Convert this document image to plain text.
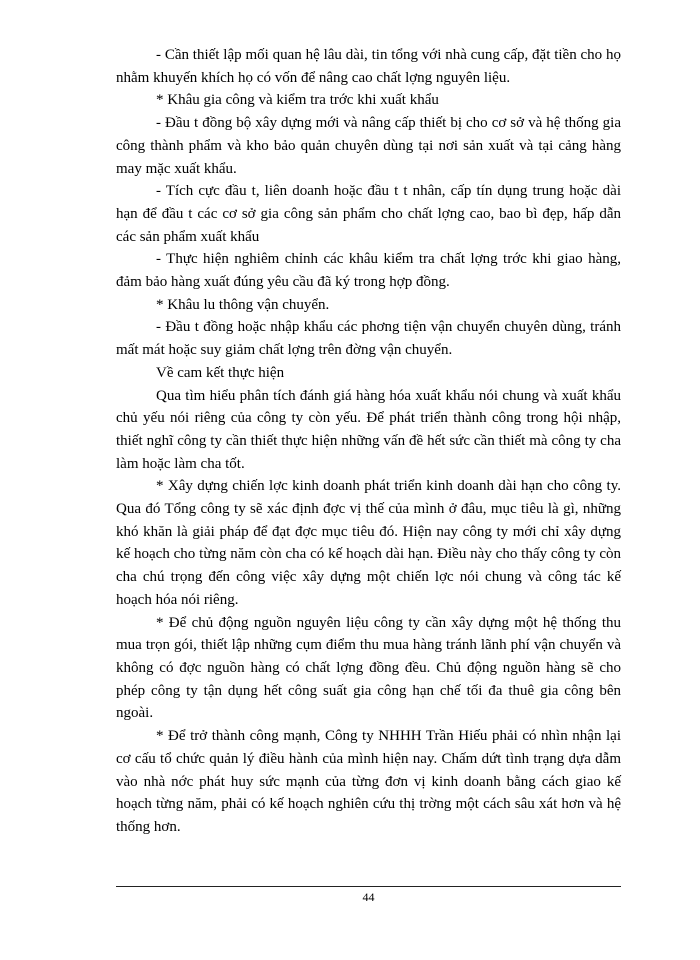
- Cần thiết lập mối quan hệ lâu dài, tin tổng với nhà cung cấp, đặt tiền cho họ nhằm khuyến khích họ có vốn để nâng cao chất lợng nguyên liệu.

* Khâu gia công và kiểm tra trớc khi xuất khẩu

- Đầu t đồng bộ xây dựng mới và nâng cấp thiết bị cho cơ sở và hệ thống gia công thành phẩm và kho bảo quản chuyên dùng tại nơi sản xuất và tại cảng hàng may mặc xuất khẩu.

- Tích cực đầu t, liên doanh hoặc đầu t t nhân, cấp tín dụng trung hoặc dài hạn để đầu t các cơ sở gia công sản phẩm cho chất lợng cao, bao bì đẹp, hấp dẫn các sản phẩm xuất khẩu

- Thực hiện nghiêm chỉnh các khâu kiểm tra chất lợng trớc khi giao hàng, đảm bảo hàng xuất đúng yêu cầu đã ký trong hợp đồng.

* Khâu lu thông vận chuyển.

- Đầu t đồng hoặc nhập khẩu các phơng tiện vận chuyển chuyên dùng, tránh mất mát hoặc suy giảm chất lợng trên đờng vận chuyển.

Về cam kết thực hiện

Qua tìm hiểu phân tích đánh giá hàng hóa xuất khẩu nói chung và xuất khẩu chủ yếu nói riêng của công ty còn yếu. Để phát triển thành công trong hội nhập, thiết nghĩ công ty cần thiết thực hiện những vấn đề hết sức cần thiết mà công ty cha làm hoặc làm cha tốt.

* Xây dựng chiến lợc kinh doanh phát triển kinh doanh dài hạn cho công ty. Qua đó Tổng công ty sẽ xác định đợc vị thế của mình ở đâu, mục tiêu là gì, những khó khăn là giải pháp để đạt đợc mục tiêu đó. Hiện nay công ty mới chỉ xây dựng kế hoạch cho từng năm còn cha có kế hoạch dài hạn. Điều này cho thấy công ty còn cha chú trọng đến công việc xây dựng một chiến lợc nói chung và công tác kế hoạch hóa nói riêng.

* Để chủ động nguồn nguyên liệu công ty cần xây dựng một hệ thống thu mua trọn gói, thiết lập những cụm điểm thu mua hàng tránh lãnh phí vận chuyển và không có đợc nguồn hàng có chất lợng đồng đều. Chủ động nguồn hàng sẽ cho phép công ty tận dụng hết công suất gia công hạn chế tối đa thuê gia công bên ngoài.

* Để trở thành công mạnh, Công ty NHHH Trần Hiếu phải có nhìn nhận lại cơ cấu tổ chức quản lý điều hành của mình hiện nay. Chấm dứt tình trạng dựa dẫm vào nhà nớc phát huy sức mạnh của từng đơn vị kinh doanh bằng cách giao kế hoạch từng năm, phải có kế hoạch nghiên cứu thị trờng một cách sâu xát hơn và hệ thống hơn.

44
